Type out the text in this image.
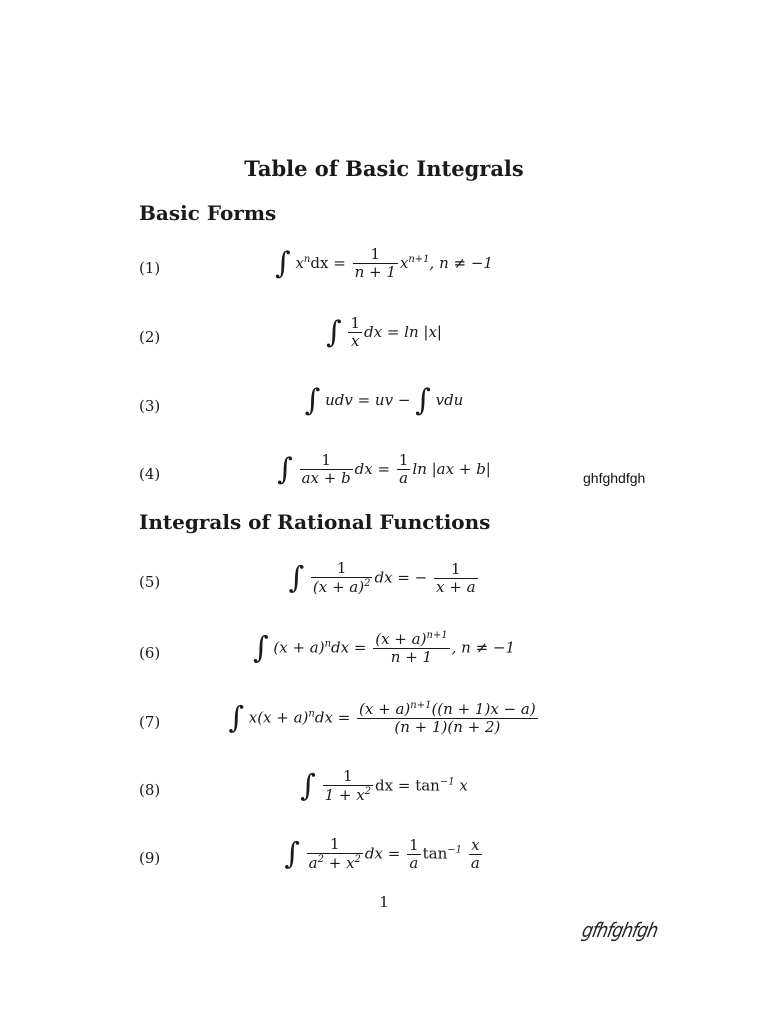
Table of Basic Integrals
Basic Forms
(1)	∫ $x^ndx = \frac{1}{n + 1} x^{n+1}$, n ≠ −1
(2)	∫ $\frac{1}{x}$ dx = ln |x|
(3)	∫ udv = uv − ∫ vdu
(4)	∫ $\frac{1}{ax + b}$ dx = $\frac{1}{a}$ ln |ax + b|
ghfghdfgh
Integrals of Rational Functions
(5)	∫ $\frac{1}{(x + a)^2}$ dx = − $\frac{1}{x + a}$
(6)	∫ $(x + a)^ndx = \frac{(x + a)^{n+1}}{n + 1}$ , n ≠ −1
(7)	∫ $x(x + a)^ndx = \frac{(x + a)^{n+1}((n + 1)x - a)}{(n + 1)(n + 2)}$
(8)	∫ $\frac{1}{1 + x^2}$ dx = $\tan^{-1} x$
(9)	∫ $\frac{1}{a^2 + x^2}$ dx = $\frac{1}{a} \tan^{-1} \frac{x}{a}$
1
gfhfghfgh
